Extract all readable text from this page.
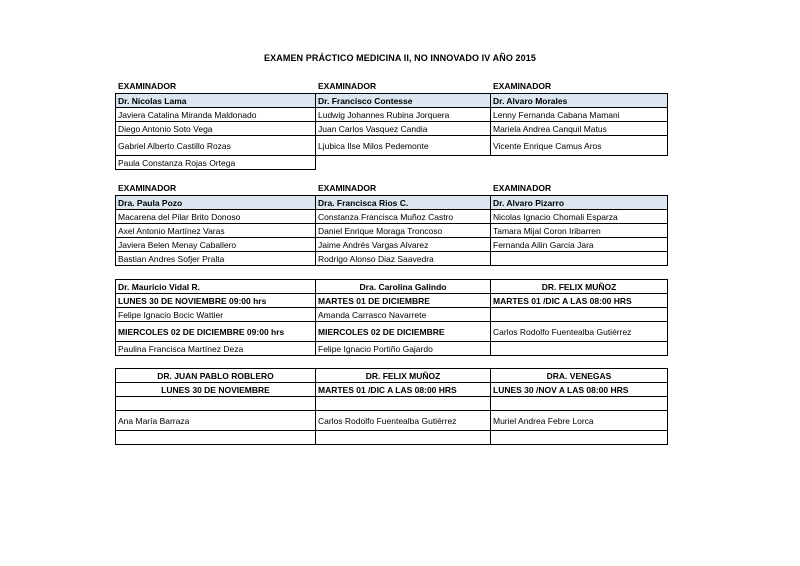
EXAMEN PRÁCTICO MEDICINA II, NO INNOVADO IV AÑO 2015
EXAMINADOR	EXAMINADOR	EXAMINADOR
Dr. Nicolas Lama	Dr. Francisco Contesse	Dr. Alvaro Morales
Javiera Catalina Miranda Maldonado	Ludwig Johannes Rubina Jorquera	Lenny Fernanda Cabana Mamani
Diego Antonio Soto Vega	Juan Carlos Vasquez Candia	Mariela Andrea Canquil Matus
Gabriel Alberto Castillo Rozas	Ljubica Ilse Milos Pedemonte	Vicente Enrique Camus Aros
Paula Constanza Rojas Ortega		
EXAMINADOR	EXAMINADOR	EXAMINADOR
Dra. Paula Pozo	Dra. Francisca Rios C.	Dr. Alvaro Pizarro
Macarena del Pilar Brito Donoso	Constanza Francisca Muñoz Castro	Nicolas Ignacio Chomali Esparza
Axel Antonio Martínez Varas	Daniel Enrique Moraga Troncoso	Tamara Mijal Coron Iribarren
Javiera Belen Menay Caballero	Jaime Andrés Vargas Alvarez	Fernanda Ailin Garcia Jara
Bastian Andres Sofjer Pralta	Rodrigo Alonso Diaz Saavedra	
Dr. Mauricio Vidal R.	Dra. Carolina Galindo	DR. FELIX MUÑOZ
LUNES 30 DE NOVIEMBRE 09:00 hrs	MARTES 01 DE DICIEMBRE	MARTES 01 /DIC A LAS 08:00 HRS
Felipe Ignacio Bocic Wattier	Amanda Carrasco Navarrete	
MIERCOLES 02 DE DICIEMBRE 09:00 hrs	MIERCOLES 02 DE DICIEMBRE	Carlos Rodolfo Fuentealba Gutiérrez
Paulina Francisca Martínez Deza	Felipe Ignacio Portiño Gajardo	
DR. JUAN PABLO ROBLERO	DR. FELIX MUÑOZ	DRA. VENEGAS
LUNES 30 DE NOVIEMBRE	MARTES 01 /DIC A LAS 08:00 HRS	LUNES 30 /NOV A LAS 08:00 HRS

Ana María Barraza	Carlos Rodolfo Fuentealba Gutiérrez	Muriel Andrea Febre Lorca
